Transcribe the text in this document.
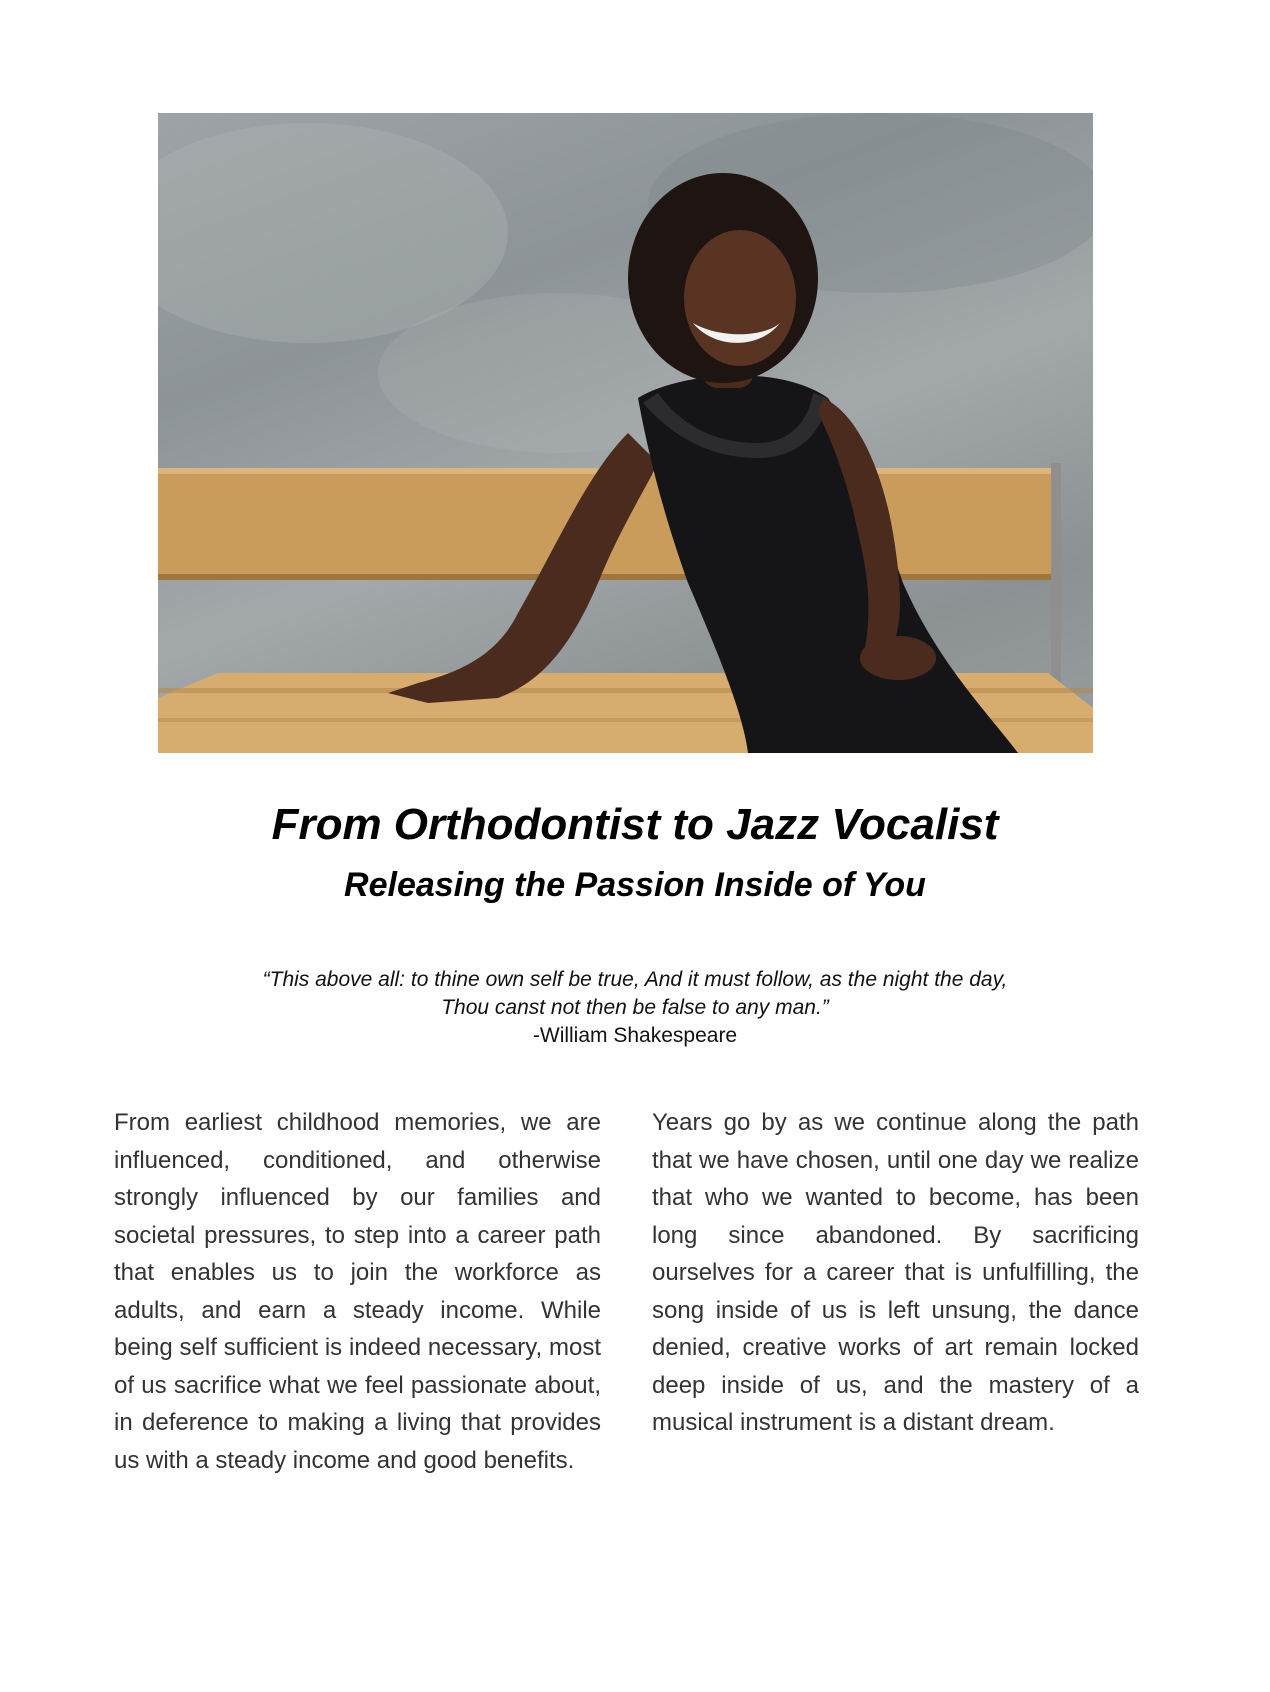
From Orthodontist to Jazz Vocalist
Releasing the Passion Inside of You
“This above all: to thine own self be true, And it must follow, as the night the day,
Thou canst not then be false to any man.”
-William Shakespeare
From earliest childhood memories, we are influenced, conditioned, and otherwise strongly influenced by our families and societal pressures, to step into a career path that enables us to join the workforce as adults, and earn a steady income. While being self sufficient is indeed necessary, most of us sacrifice what we feel passionate about, in deference to making a living that provides us with a steady income and good benefits.
Years go by as we continue along the path that we have chosen, until one day we realize that who we wanted to become, has been long since abandoned. By sacrificing ourselves for a career that is unfulfilling, the song inside of us is left unsung, the dance denied, creative works of art remain locked deep inside of us, and the mastery of a musical instrument is a distant dream.
